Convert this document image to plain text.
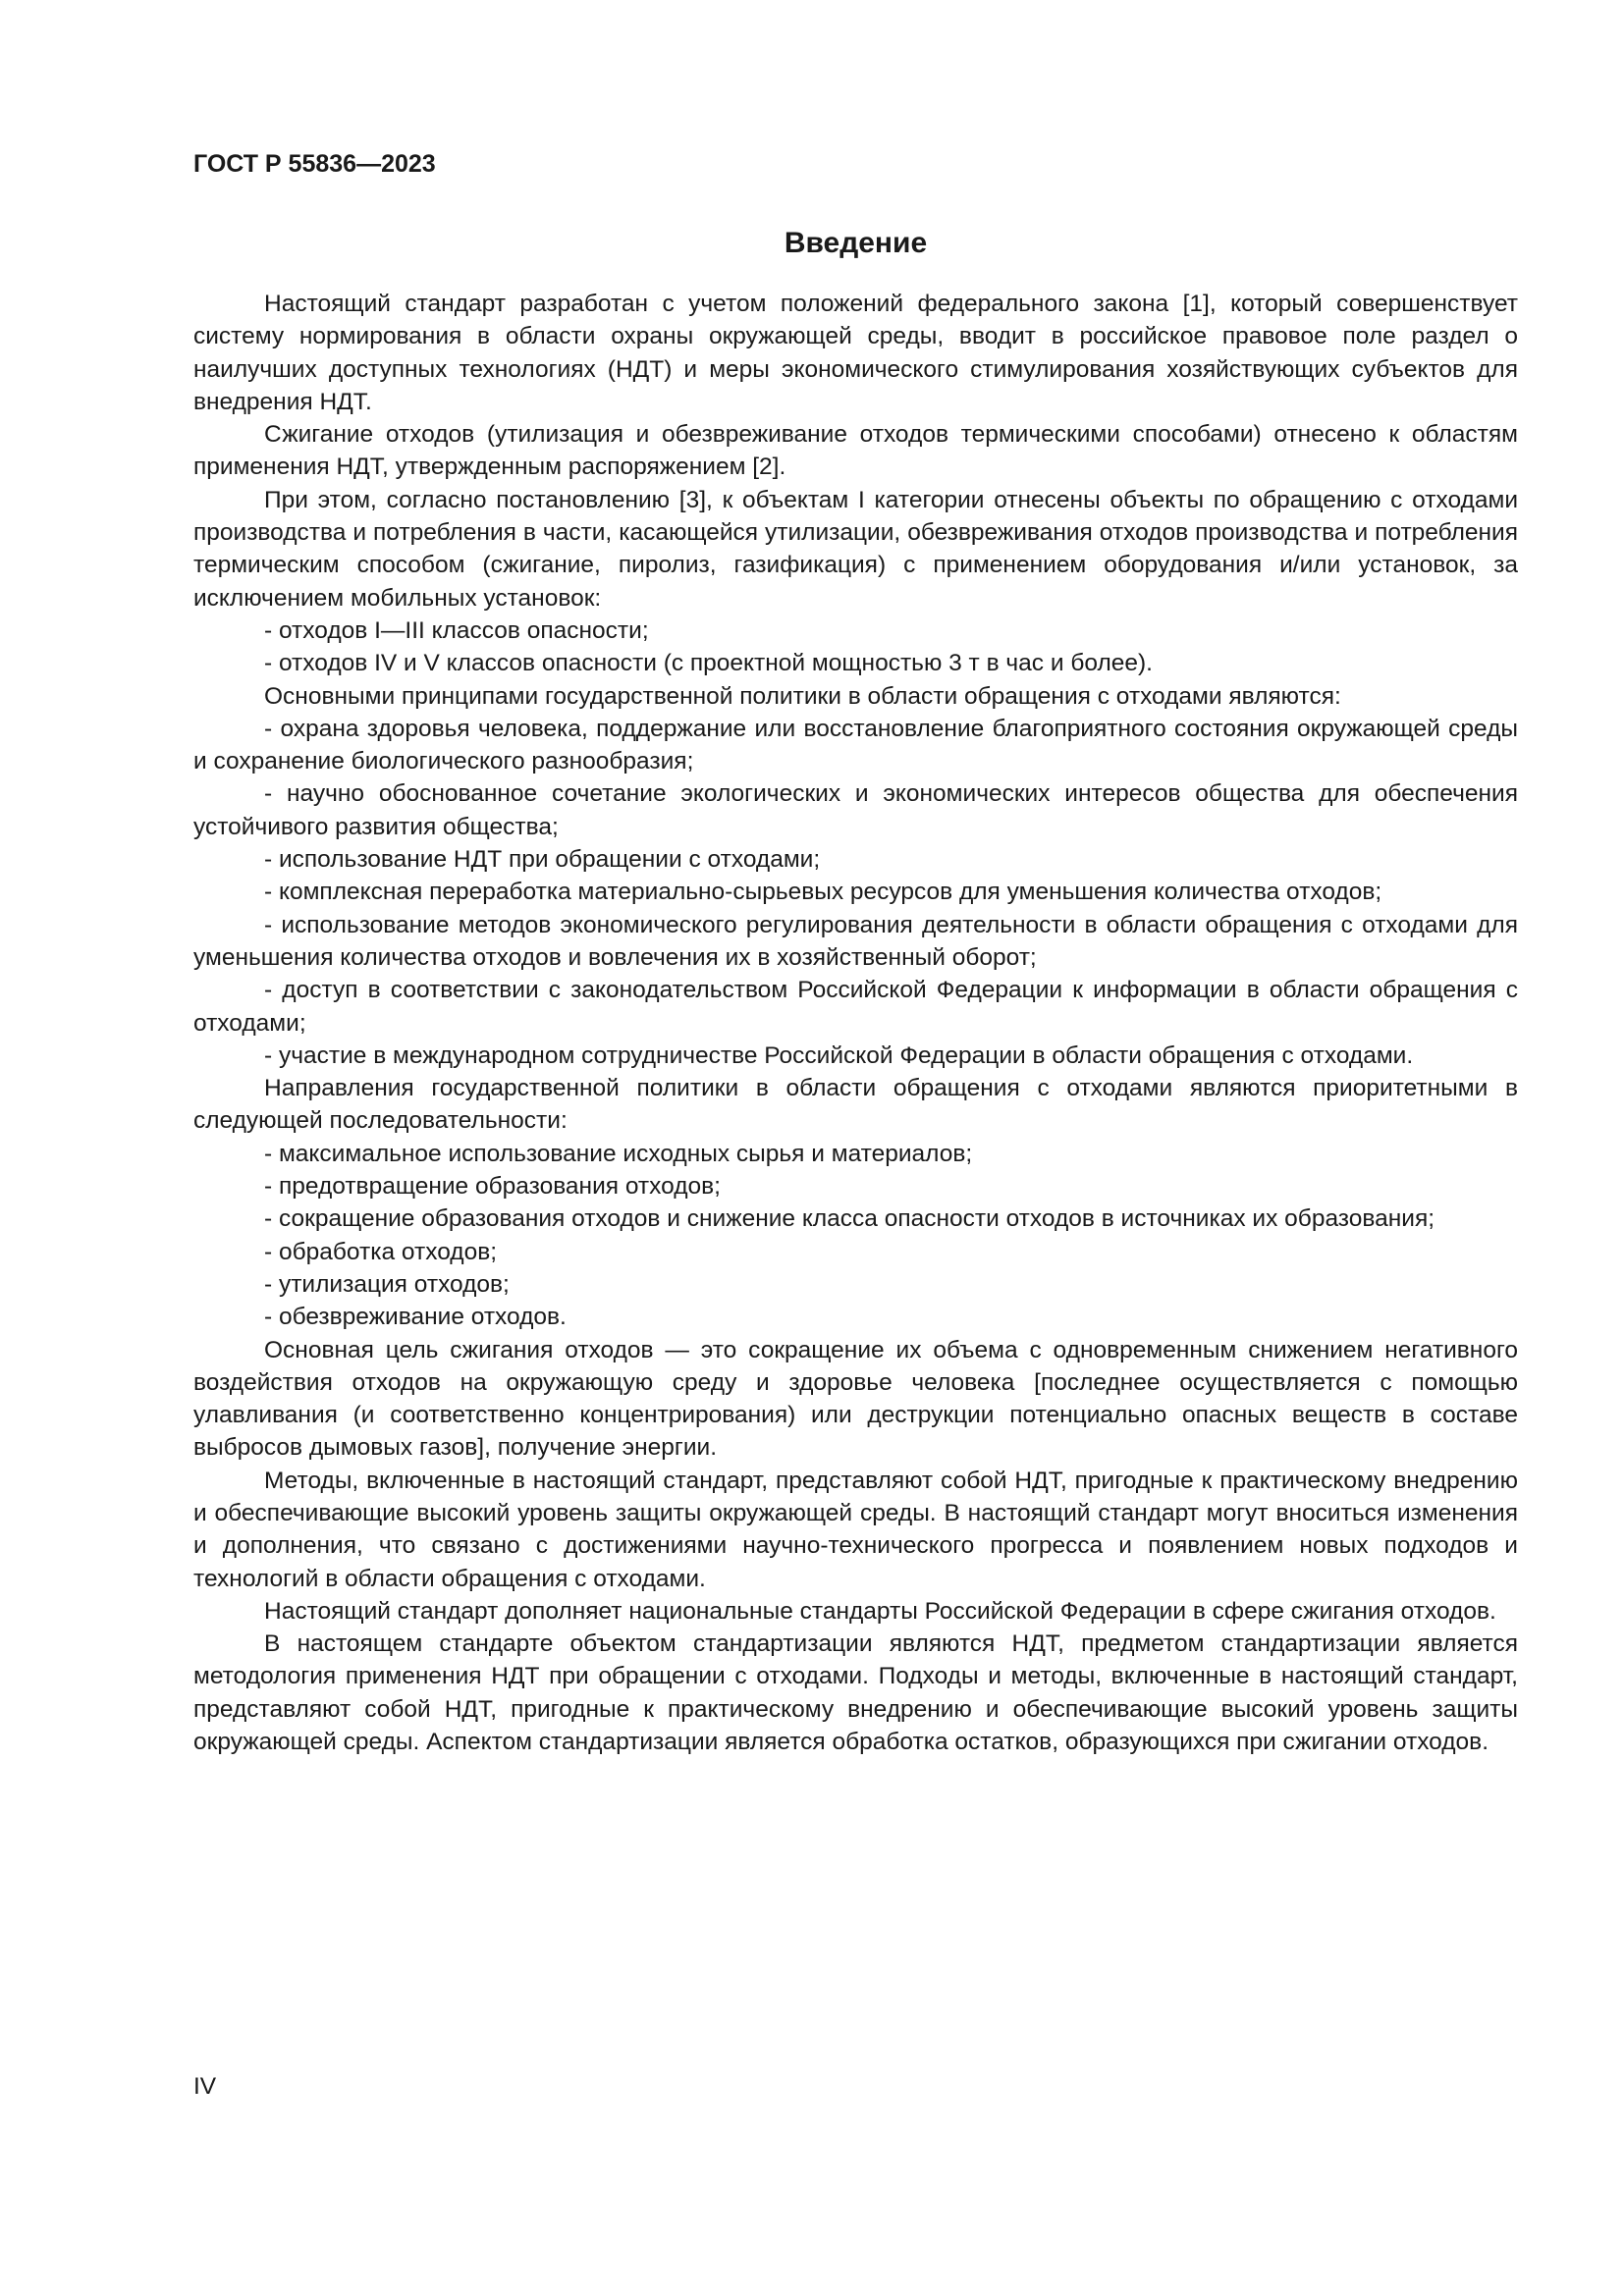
ГОСТ Р 55836—2023
Введение

Настоящий стандарт разработан с учетом положений федерального закона [1], который совершенствует систему нормирования в области охраны окружающей среды, вводит в российское правовое поле раздел о наилучших доступных технологиях (НДТ) и меры экономического стимулирования хозяйствующих субъектов для внедрения НДТ.

Сжигание отходов (утилизация и обезвреживание отходов термическими способами) отнесено к областям применения НДТ, утвержденным распоряжением [2].

При этом, согласно постановлению [3], к объектам I категории отнесены объекты по обращению с отходами производства и потребления в части, касающейся утилизации, обезвреживания отходов производства и потребления термическим способом (сжигание, пиролиз, газификация) с применением оборудования и/или установок, за исключением мобильных установок:

- отходов I—III классов опасности;

- отходов IV и V классов опасности (с проектной мощностью 3 т в час и более).

Основными принципами государственной политики в области обращения с отходами являются:

- охрана здоровья человека, поддержание или восстановление благоприятного состояния окружающей среды и сохранение биологического разнообразия;

- научно обоснованное сочетание экологических и экономических интересов общества для обеспечения устойчивого развития общества;

- использование НДТ при обращении с отходами;

- комплексная переработка материально-сырьевых ресурсов для уменьшения количества отходов;

- использование методов экономического регулирования деятельности в области обращения с отходами для уменьшения количества отходов и вовлечения их в хозяйственный оборот;

- доступ в соответствии с законодательством Российской Федерации к информации в области обращения с отходами;

- участие в международном сотрудничестве Российской Федерации в области обращения с отходами.

Направления государственной политики в области обращения с отходами являются приоритетными в следующей последовательности:

- максимальное использование исходных сырья и материалов;

- предотвращение образования отходов;

- сокращение образования отходов и снижение класса опасности отходов в источниках их образования;

- обработка отходов;

- утилизация отходов;

- обезвреживание отходов.

Основная цель сжигания отходов — это сокращение их объема с одновременным снижением негативного воздействия отходов на окружающую среду и здоровье человека [последнее осуществляется с помощью улавливания (и соответственно концентрирования) или деструкции потенциально опасных веществ в составе выбросов дымовых газов], получение энергии.

Методы, включенные в настоящий стандарт, представляют собой НДТ, пригодные к практическому внедрению и обеспечивающие высокий уровень защиты окружающей среды. В настоящий стандарт могут вноситься изменения и дополнения, что связано с достижениями научно-технического прогресса и появлением новых подходов и технологий в области обращения с отходами.

Настоящий стандарт дополняет национальные стандарты Российской Федерации в сфере сжигания отходов.

В настоящем стандарте объектом стандартизации являются НДТ, предметом стандартизации является методология применения НДТ при обращении с отходами. Подходы и методы, включенные в настоящий стандарт, представляют собой НДТ, пригодные к практическому внедрению и обеспечивающие высокий уровень защиты окружающей среды. Аспектом стандартизации является обработка остатков, образующихся при сжигании отходов.

IV
